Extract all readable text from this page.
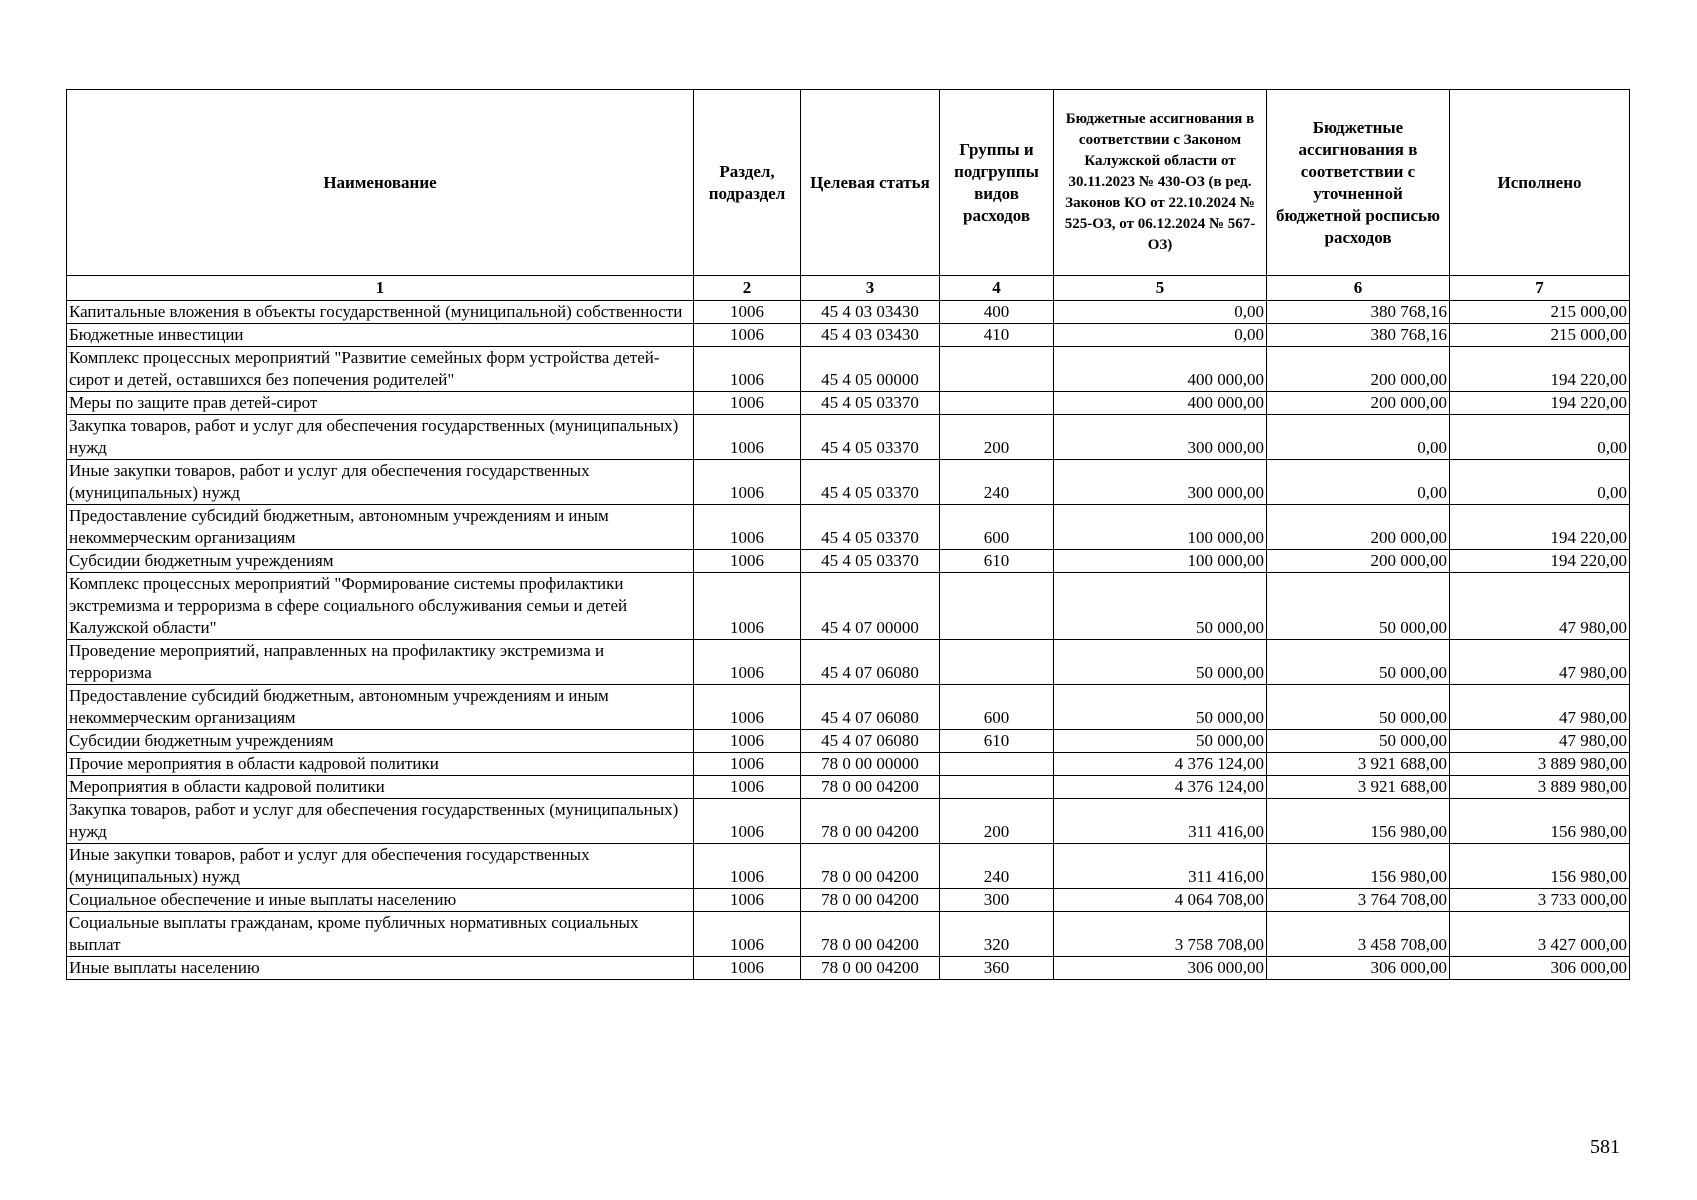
Наименование	Раздел, подраздел	Целевая статья	Группы и подгруппы видов расходов	Бюджетные ассигнования в соответствии с Законом Калужской области от 30.11.2023 № 430-ОЗ (в ред. Законов КО от 22.10.2024 № 525-ОЗ, от 06.12.2024 № 567-ОЗ)	Бюджетные ассигнования в соответствии с уточненной бюджетной росписью расходов	Исполнено
1	2	3	4	5	6	7
Капитальные вложения в объекты государственной (муниципальной) собственности	1006	45 4 03 03430	400	0,00	380 768,16	215 000,00
Бюджетные инвестиции	1006	45 4 03 03430	410	0,00	380 768,16	215 000,00
Комплекс процессных мероприятий "Развитие семейных форм устройства детей-сирот и детей, оставшихся без попечения родителей"	1006	45 4 05 00000		400 000,00	200 000,00	194 220,00
Меры по защите прав детей-сирот	1006	45 4 05 03370		400 000,00	200 000,00	194 220,00
Закупка товаров, работ и услуг для обеспечения государственных (муниципальных) нужд	1006	45 4 05 03370	200	300 000,00	0,00	0,00
Иные закупки товаров, работ и услуг для обеспечения государственных (муниципальных) нужд	1006	45 4 05 03370	240	300 000,00	0,00	0,00
Предоставление субсидий бюджетным, автономным учреждениям и иным некоммерческим организациям	1006	45 4 05 03370	600	100 000,00	200 000,00	194 220,00
Субсидии бюджетным учреждениям	1006	45 4 05 03370	610	100 000,00	200 000,00	194 220,00
Комплекс процессных мероприятий "Формирование системы профилактики экстремизма и терроризма в сфере социального обслуживания семьи и детей Калужской области"	1006	45 4 07 00000		50 000,00	50 000,00	47 980,00
Проведение мероприятий, направленных на профилактику экстремизма и терроризма	1006	45 4 07 06080		50 000,00	50 000,00	47 980,00
Предоставление субсидий бюджетным, автономным учреждениям и иным некоммерческим организациям	1006	45 4 07 06080	600	50 000,00	50 000,00	47 980,00
Субсидии бюджетным учреждениям	1006	45 4 07 06080	610	50 000,00	50 000,00	47 980,00
Прочие мероприятия в области кадровой политики	1006	78 0 00 00000		4 376 124,00	3 921 688,00	3 889 980,00
Мероприятия в области кадровой политики	1006	78 0 00 04200		4 376 124,00	3 921 688,00	3 889 980,00
Закупка товаров, работ и услуг для обеспечения государственных (муниципальных) нужд	1006	78 0 00 04200	200	311 416,00	156 980,00	156 980,00
Иные закупки товаров, работ и услуг для обеспечения государственных (муниципальных) нужд	1006	78 0 00 04200	240	311 416,00	156 980,00	156 980,00
Социальное обеспечение и иные выплаты населению	1006	78 0 00 04200	300	4 064 708,00	3 764 708,00	3 733 000,00
Социальные выплаты гражданам, кроме публичных нормативных социальных выплат	1006	78 0 00 04200	320	3 758 708,00	3 458 708,00	3 427 000,00
Иные выплаты населению	1006	78 0 00 04200	360	306 000,00	306 000,00	306 000,00
581
